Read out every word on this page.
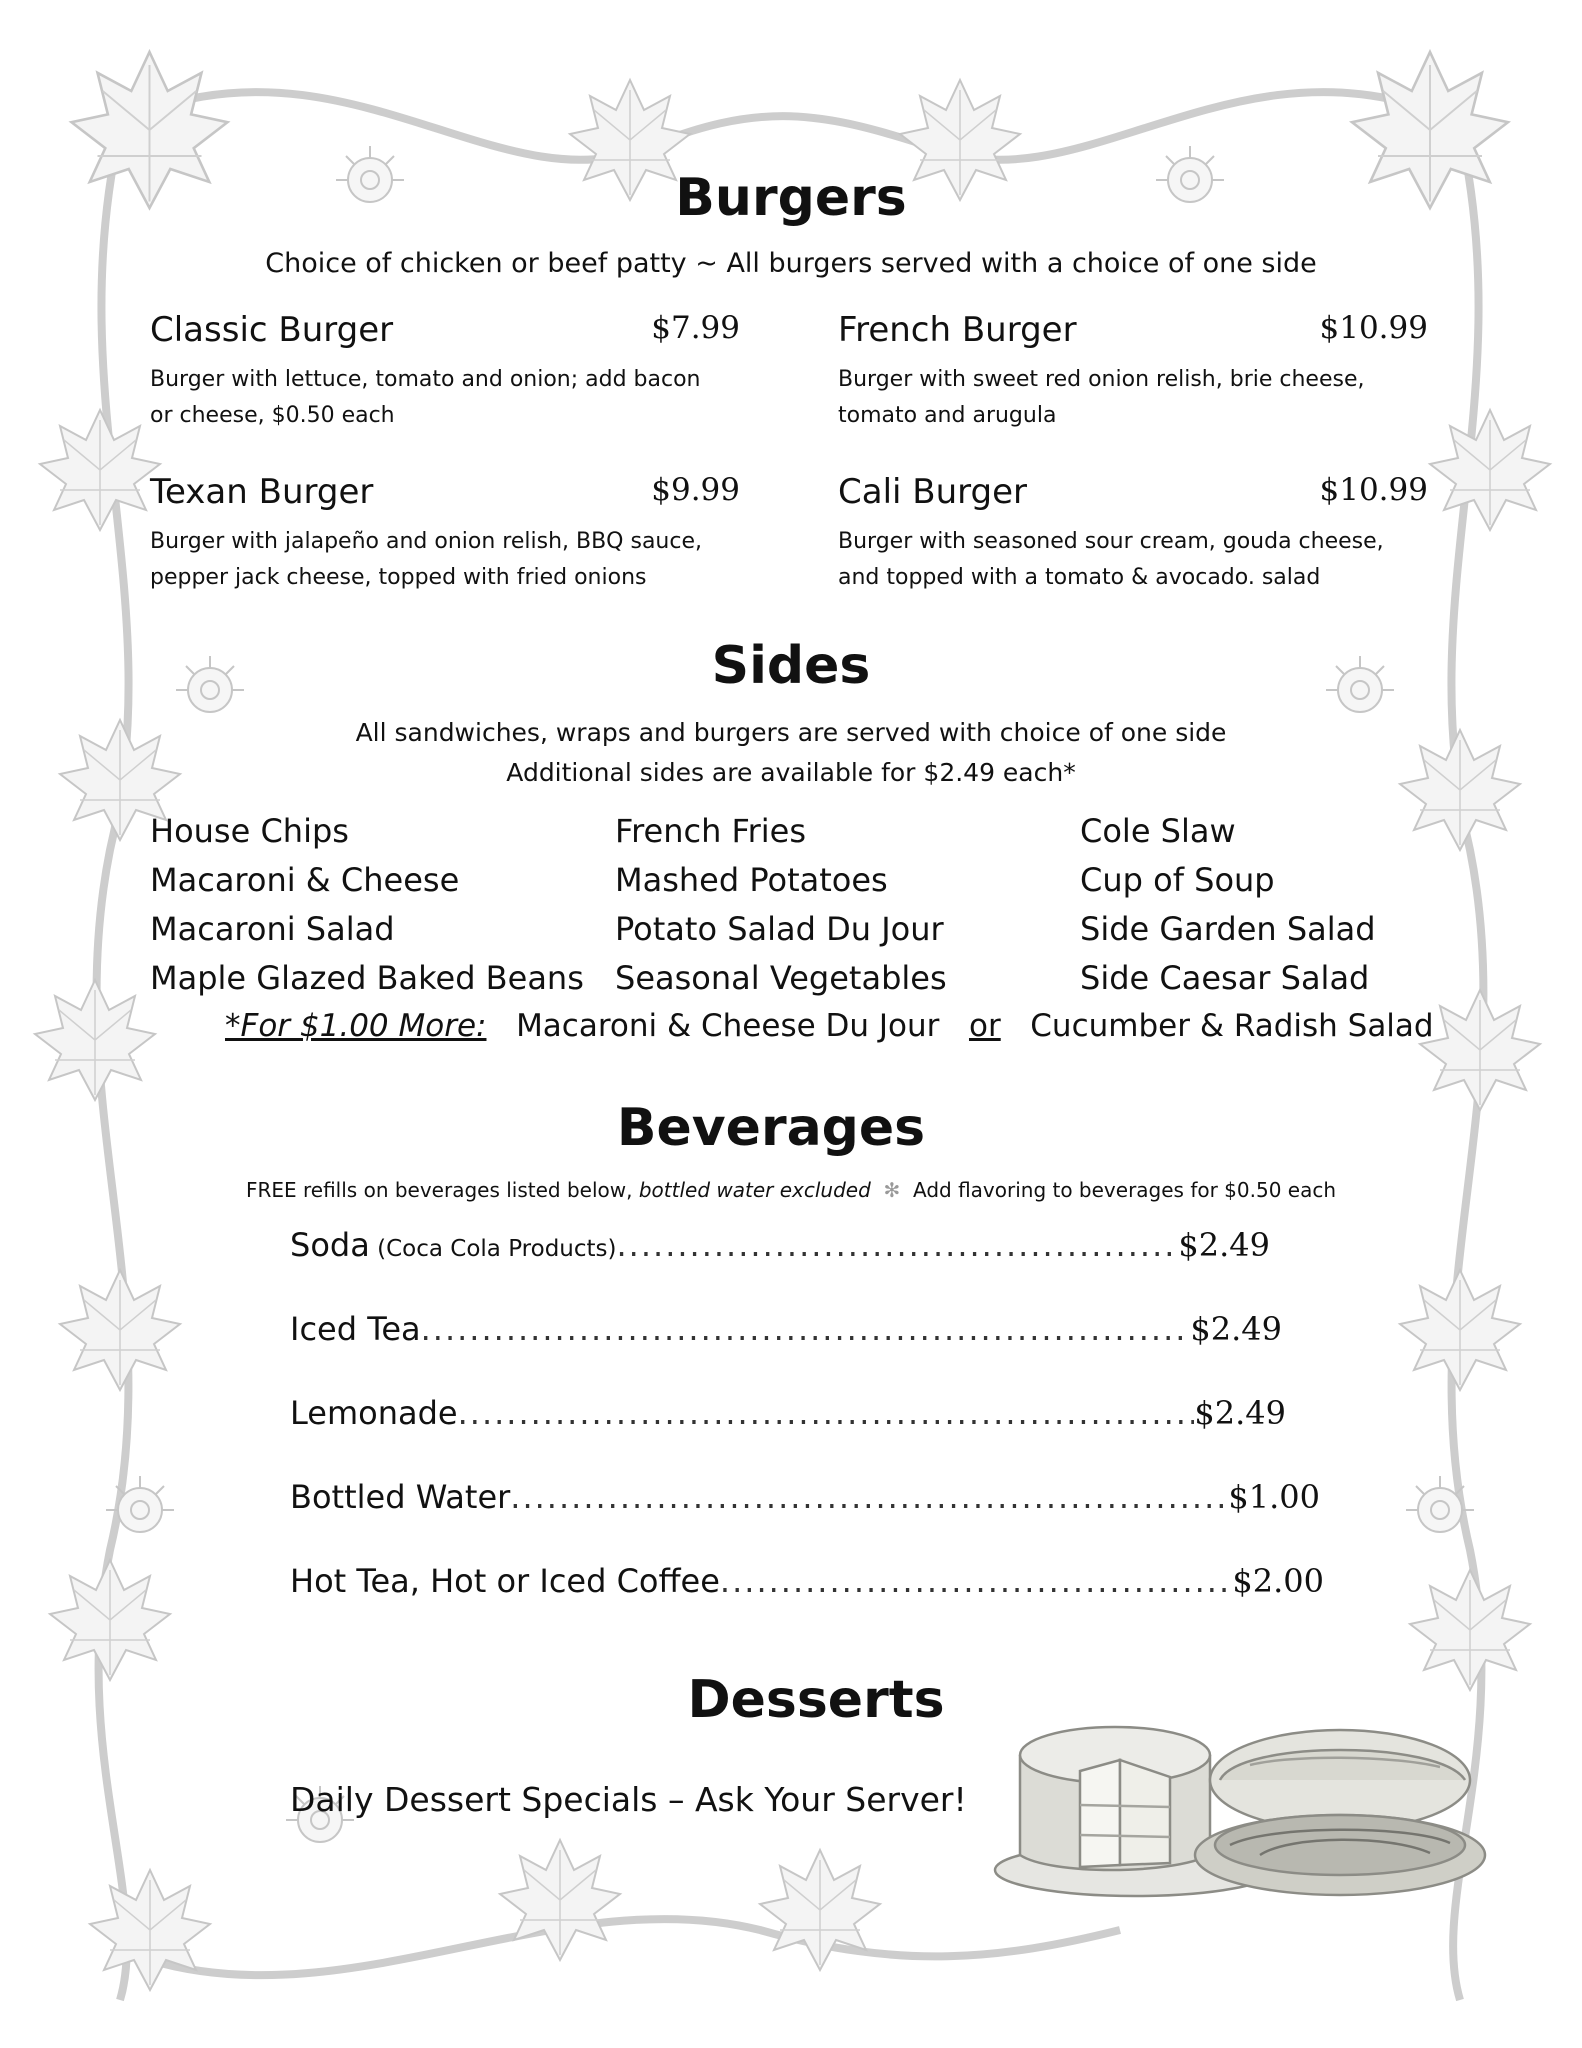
Burgers
Choice of chicken or beef patty ~ All burgers served with a choice of one side
Classic Burger	$7.99
Burger with lettuce, tomato and onion; add bacon
or cheese, $0.50 each
French Burger	$10.99
Burger with sweet red onion relish, brie cheese,
tomato and arugula
Texan Burger	$9.99
Burger with jalapeño and onion relish, BBQ sauce,
pepper jack cheese, topped with fried onions
Cali Burger	$10.99
Burger with seasoned sour cream, gouda cheese,
and topped with a tomato & avocado. salad
Sides
All sandwiches, wraps and burgers are served with choice of one side
Additional sides are available for $2.49 each*
House Chips
Macaroni & Cheese
Macaroni Salad
Maple Glazed Baked Beans
French Fries
Mashed Potatoes
Potato Salad Du Jour
Seasonal Vegetables
Cole Slaw
Cup of Soup
Side Garden Salad
Side Caesar Salad
*For $1.00 More: Macaroni & Cheese Du Jour or Cucumber & Radish Salad
Beverages
FREE refills on beverages listed below, bottled water excluded  ✻  Add flavoring to beverages for $0.50 each
Soda (Coca Cola Products) .....	$2.49
Iced Tea .....	$2.49
Lemonade .....	$2.49
Bottled Water .....	$1.00
Hot Tea, Hot or Iced Coffee .....	$2.00
Desserts
Daily Dessert Specials – Ask Your Server!
